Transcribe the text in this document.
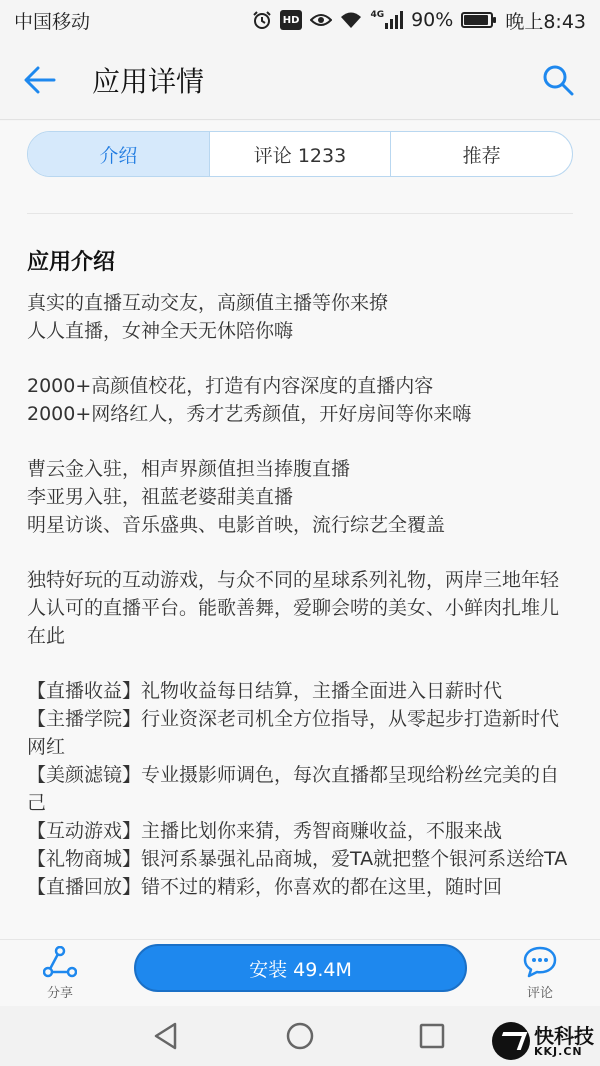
中国移动	HD	4G 90%	晚上8:43
应用详情
介绍	评论 1233	推荐
应用介绍
真实的直播互动交友，高颜值主播等你来撩
人人直播，女神全天无休陪你嗨
2000+高颜值校花，打造有内容深度的直播内容
2000+网络红人，秀才艺秀颜值，开好房间等你来嗨
曹云金入驻，相声界颜值担当捧腹直播
李亚男入驻，祖蓝老婆甜美直播
明星访谈、音乐盛典、电影首映，流行综艺全覆盖
独特好玩的互动游戏，与众不同的星球系列礼物，两岸三地年轻人认可的直播平台。能歌善舞，爱聊会唠的美女、小鲜肉扎堆儿在此
【直播收益】礼物收益每日结算，主播全面进入日薪时代
【主播学院】行业资深老司机全方位指导，从零起步打造新时代网红
【美颜滤镜】专业摄影师调色，每次直播都呈现给粉丝完美的自己
【互动游戏】主播比划你来猜，秀智商赚收益，不服来战
【礼物商城】银河系暴强礼品商城，爱TA就把整个银河系送给TA
【直播回放】错不过的精彩，你喜欢的都在这里，随时回
分享
安装 49.4M
评论
快科技
KKJ.CN
